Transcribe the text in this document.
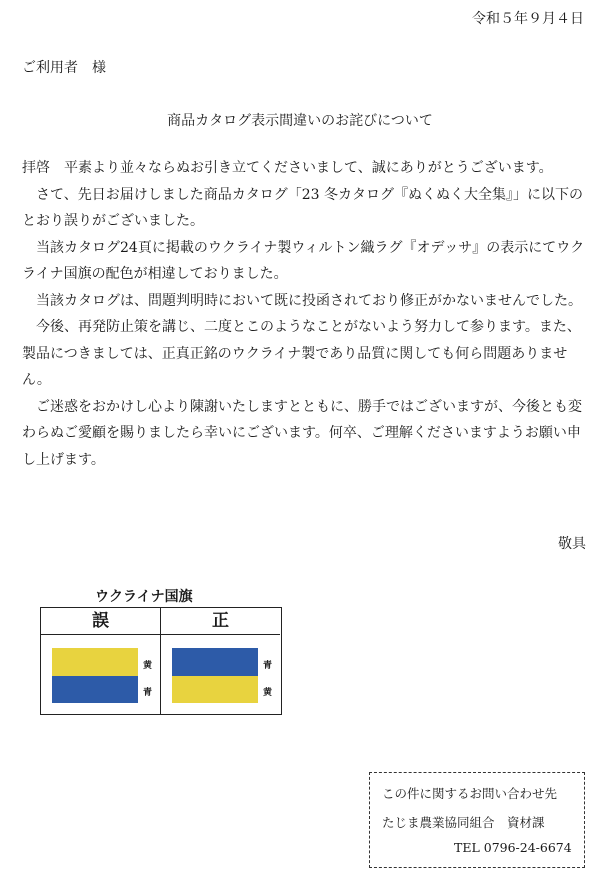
令和５年９月４日
ご利用者　様
商品カタログ表示間違いのお詫びについて

拝啓　平素より並々ならぬお引き立てくださいまして、誠にありがとうございます。

さて、先日お届けしました商品カタログ「23 冬カタログ『ぬくぬく大全集』」に以下のとおり誤りがございました。

当該カタログ24頁に掲載のウクライナ製ウィルトン織ラグ『オデッサ』の表示にてウクライナ国旗の配色が相違しておりました。

当該カタログは、問題判明時において既に投函されており修正がかないませんでした。

今後、再発防止策を講じ、二度とこのようなことがないよう努力して参ります。また、製品につきましては、正真正銘のウクライナ製であり品質に関しても何ら問題ありません。

ご迷惑をおかけし心より陳謝いたしますとともに、勝手ではございますが、今後とも変わらぬご愛顧を賜りましたら幸いにございます。何卒、ご理解くださいますようお願い申し上げます。

敬具
ウクライナ国旗
誤
黄
青
正
青
黄
この件に関するお問い合わせ先
たじま農業協同組合　資材課
TEL 0796-24-6674
